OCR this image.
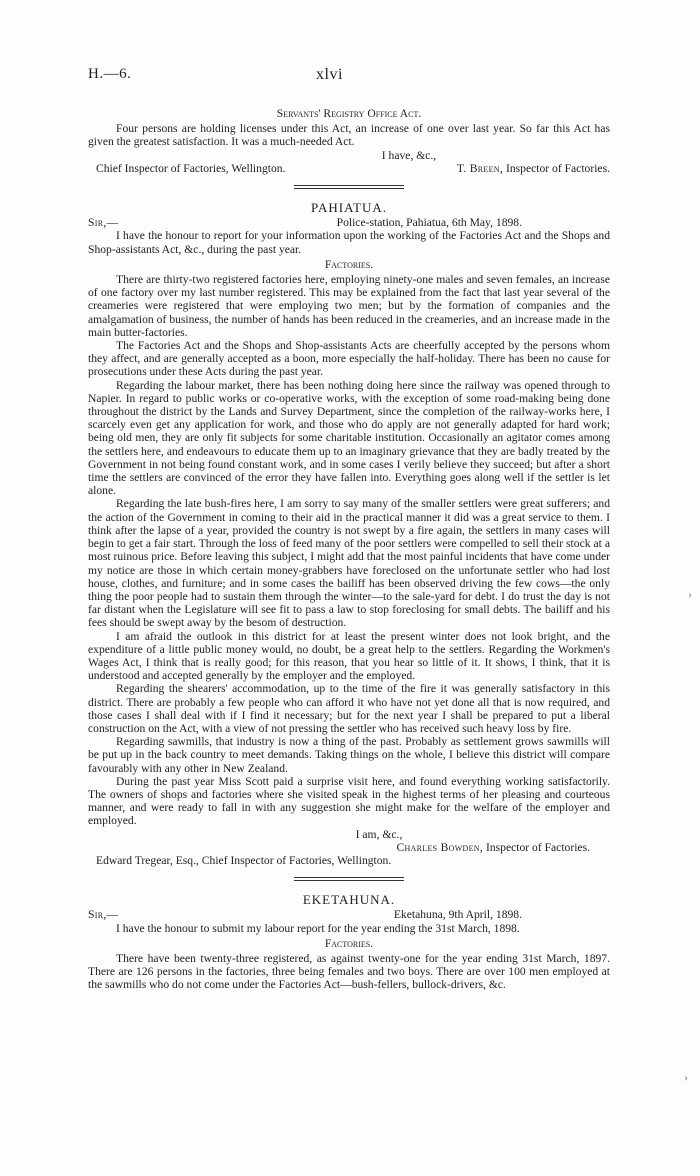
H.—6.	xlvi
Servants' Registry Office Act.

Four persons are holding licenses under this Act, an increase of one over last year. So far this Act has given the greatest satisfaction. It was a much-needed Act.

I have, &c.,
Chief Inspector of Factories, Wellington.	T. Breen, Inspector of Factories.
PAHIATUA.
Sir,—	Police-station, Pahiatua, 6th May, 1898.

I have the honour to report for your information upon the working of the Factories Act and the Shops and Shop-assistants Act, &c., during the past year.

Factories.

There are thirty-two registered factories here, employing ninety-one males and seven females, an increase of one factory over my last number registered. This may be explained from the fact that last year several of the creameries were registered that were employing two men; but by the formation of companies and the amalgamation of business, the number of hands has been reduced in the creameries, and an increase made in the main butter-factories.

The Factories Act and the Shops and Shop-assistants Acts are cheerfully accepted by the persons whom they affect, and are generally accepted as a boon, more especially the half-holiday. There has been no cause for prosecutions under these Acts during the past year.

Regarding the labour market, there has been nothing doing here since the railway was opened through to Napier. In regard to public works or co-operative works, with the exception of some road-making being done throughout the district by the Lands and Survey Department, since the completion of the railway-works here, I scarcely even get any application for work, and those who do apply are not generally adapted for hard work; being old men, they are only fit subjects for some charitable institution. Occasionally an agitator comes among the settlers here, and endeavours to educate them up to an imaginary grievance that they are badly treated by the Government in not being found constant work, and in some cases I verily believe they succeed; but after a short time the settlers are convinced of the error they have fallen into. Everything goes along well if the settler is let alone.

Regarding the late bush-fires here, I am sorry to say many of the smaller settlers were great sufferers; and the action of the Government in coming to their aid in the practical manner it did was a great service to them. I think after the lapse of a year, provided the country is not swept by a fire again, the settlers in many cases will begin to get a fair start. Through the loss of feed many of the poor settlers were compelled to sell their stock at a most ruinous price. Before leaving this subject, I might add that the most painful incidents that have come under my notice are those in which certain money-grabbers have foreclosed on the unfortunate settler who had lost house, clothes, and furniture; and in some cases the bailiff has been observed driving the few cows—the only thing the poor people had to sustain them through the winter—to the sale-yard for debt. I do trust the day is not far distant when the Legislature will see fit to pass a law to stop foreclosing for small debts. The bailiff and his fees should be swept away by the besom of destruction.

I am afraid the outlook in this district for at least the present winter does not look bright, and the expenditure of a little public money would, no doubt, be a great help to the settlers. Regarding the Workmen's Wages Act, I think that is really good; for this reason, that you hear so little of it. It shows, I think, that it is understood and accepted generally by the employer and the employed.

Regarding the shearers' accommodation, up to the time of the fire it was generally satisfactory in this district. There are probably a few people who can afford it who have not yet done all that is now required, and those cases I shall deal with if I find it necessary; but for the next year I shall be prepared to put a liberal construction on the Act, with a view of not pressing the settler who has received such heavy loss by fire.

Regarding sawmills, that industry is now a thing of the past. Probably as settlement grows sawmills will be put up in the back country to meet demands. Taking things on the whole, I believe this district will compare favourably with any other in New Zealand.

During the past year Miss Scott paid a surprise visit here, and found everything working satisfactorily. The owners of shops and factories where she visited speak in the highest terms of her pleasing and courteous manner, and were ready to fall in with any suggestion she might make for the welfare of the employer and employed.

I am, &c.,
Charles Bowden, Inspector of Factories.
Edward Tregear, Esq., Chief Inspector of Factories, Wellington.
EKETAHUNA.
Sir,—	Eketahuna, 9th April, 1898.

I have the honour to submit my labour report for the year ending the 31st March, 1898.

Factories.

There have been twenty-three registered, as against twenty-one for the year ending 31st March, 1897. There are 126 persons in the factories, three being females and two boys. There are over 100 men employed at the sawmills who do not come under the Factories Act—bush-fellers, bullock-drivers, &c.

›
›
